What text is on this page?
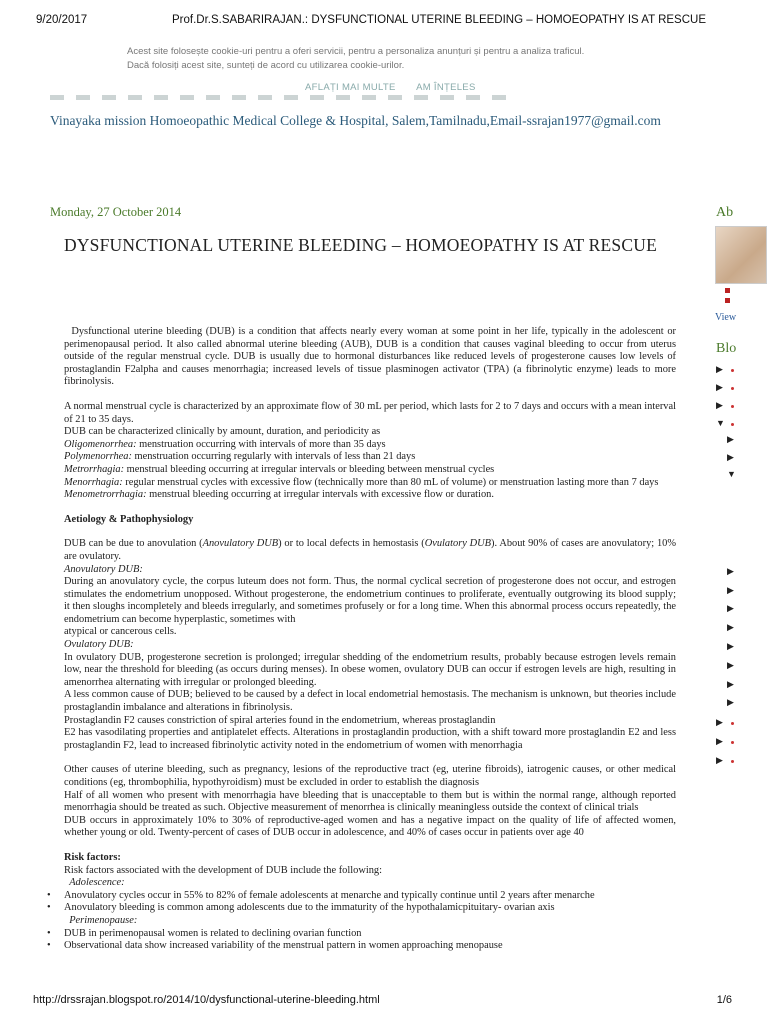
9/20/2017	Prof.Dr.S.SABARIRAJAN.: DYSFUNCTIONAL UTERINE BLEEDING – HOMOEOPATHY IS AT RESCUE
Acest site folosește cookie-uri pentru a oferi servicii, pentru a personaliza anunțuri și pentru a analiza traficul.
Dacă folosiți acest site, sunteți de acord cu utilizarea cookie-urilor.
AFLAȚI MAI MULTE AM ÎNȚELES
Vinayaka mission Homoeopathic Medical College & Hospital, Salem,Tamilnadu,Email-ssrajan1977@gmail.com
Monday, 27 October 2014
DYSFUNCTIONAL UTERINE BLEEDING – HOMOEOPATHY IS AT RESCUE

Dysfunctional uterine bleeding (DUB) is a condition that affects nearly every woman at some point in her life, typically in the adolescent or perimenopausal period. It also called abnormal uterine bleeding (AUB), DUB is a condition that causes vaginal bleeding to occur from uterus outside of the regular menstrual cycle. DUB is usually due to hormonal disturbances like reduced levels of progesterone causes low levels of prostaglandin F2alpha and causes menorrhagia; increased levels of tissue plasminogen activator (TPA) (a fibrinolytic enzyme) leads to more fibrinolysis.

A normal menstrual cycle is characterized by an approximate flow of 30 mL per period, which lasts for 2 to 7 days and occurs with a mean interval of 21 to 35 days.

DUB can be characterized clinically by amount, duration, and periodicity as

Oligomenorrhea: menstruation occurring with intervals of more than 35 days

Polymenorrhea: menstruation occurring regularly with intervals of less than 21 days

Metrorrhagia: menstrual bleeding occurring at irregular intervals or bleeding between menstrual cycles

Menorrhagia: regular menstrual cycles with excessive flow (technically more than 80 mL of volume) or menstruation lasting more than 7 days

Menometrorrhagia: menstrual bleeding occurring at irregular intervals with excessive flow or duration.

Aetiology & Pathophysiology

DUB can be due to anovulation (Anovulatory DUB) or to local defects in hemostasis (Ovulatory DUB). About 90% of cases are anovulatory; 10% are ovulatory.

Anovulatory DUB:

During an anovulatory cycle, the corpus luteum does not form. Thus, the normal cyclical secretion of progesterone does not occur, and estrogen stimulates the endometrium unopposed. Without progesterone, the endometrium continues to proliferate, eventually outgrowing its blood supply; it then sloughs incompletely and bleeds irregularly, and sometimes profusely or for a long time. When this abnormal process occurs repeatedly, the endometrium can become hyperplastic, sometimes with

atypical or cancerous cells.

Ovulatory DUB:

In ovulatory DUB, progesterone secretion is prolonged; irregular shedding of the endometrium results, probably because estrogen levels remain low, near the threshold for bleeding (as occurs during menses). In obese women, ovulatory DUB can occur if estrogen levels are high, resulting in amenorrhea alternating with irregular or prolonged bleeding.

A less common cause of DUB; believed to be caused by a defect in local endometrial hemostasis. The mechanism is unknown, but theories include prostaglandin imbalance and alterations in fibrinolysis.

Prostaglandin F2 causes constriction of spiral arteries found in the endometrium, whereas prostaglandin

E2 has vasodilating properties and antiplatelet effects. Alterations in prostaglandin production, with a shift toward more prostaglandin E2 and less prostaglandin F2, lead to increased fibrinolytic activity noted in the endometrium of women with menorrhagia

Other causes of uterine bleeding, such as pregnancy, lesions of the reproductive tract (eg, uterine fibroids), iatrogenic causes, or other medical conditions (eg, thrombophilia, hypothyroidism) must be excluded in order to establish the diagnosis

Half of all women who present with menorrhagia have bleeding that is unacceptable to them but is within the normal range, although reported menorrhagia should be treated as such. Objective measurement of menorrhea is clinically meaningless outside the context of clinical trials

DUB occurs in approximately 10% to 30% of reproductive-aged women and has a negative impact on the quality of life of affected women, whether young or old. Twenty-percent of cases of DUB occur in adolescence, and 40% of cases occur in patients over age 40

Risk factors:

Risk factors associated with the development of DUB include the following:

Adolescence:

• Anovulatory cycles occur in 55% to 82% of female adolescents at menarche and typically continue until 2 years after menarche
• Anovulatory bleeding is common among adolescents due to the immaturity of the hypothalamicpituitary- ovarian axis

Perimenopause:

• DUB in perimenopausal women is related to declining ovarian function
• Observational data show increased variability of the menstrual pattern in women approaching menopause
Ab
View
Blo
▶
▶
▶
▼
▶
▶
▼
▶
▶
▶
▶
▶
▶
▶
▶
▶
▶
▶
http://drssrajan.blogspot.ro/2014/10/dysfunctional-uterine-bleeding.html	1/6
